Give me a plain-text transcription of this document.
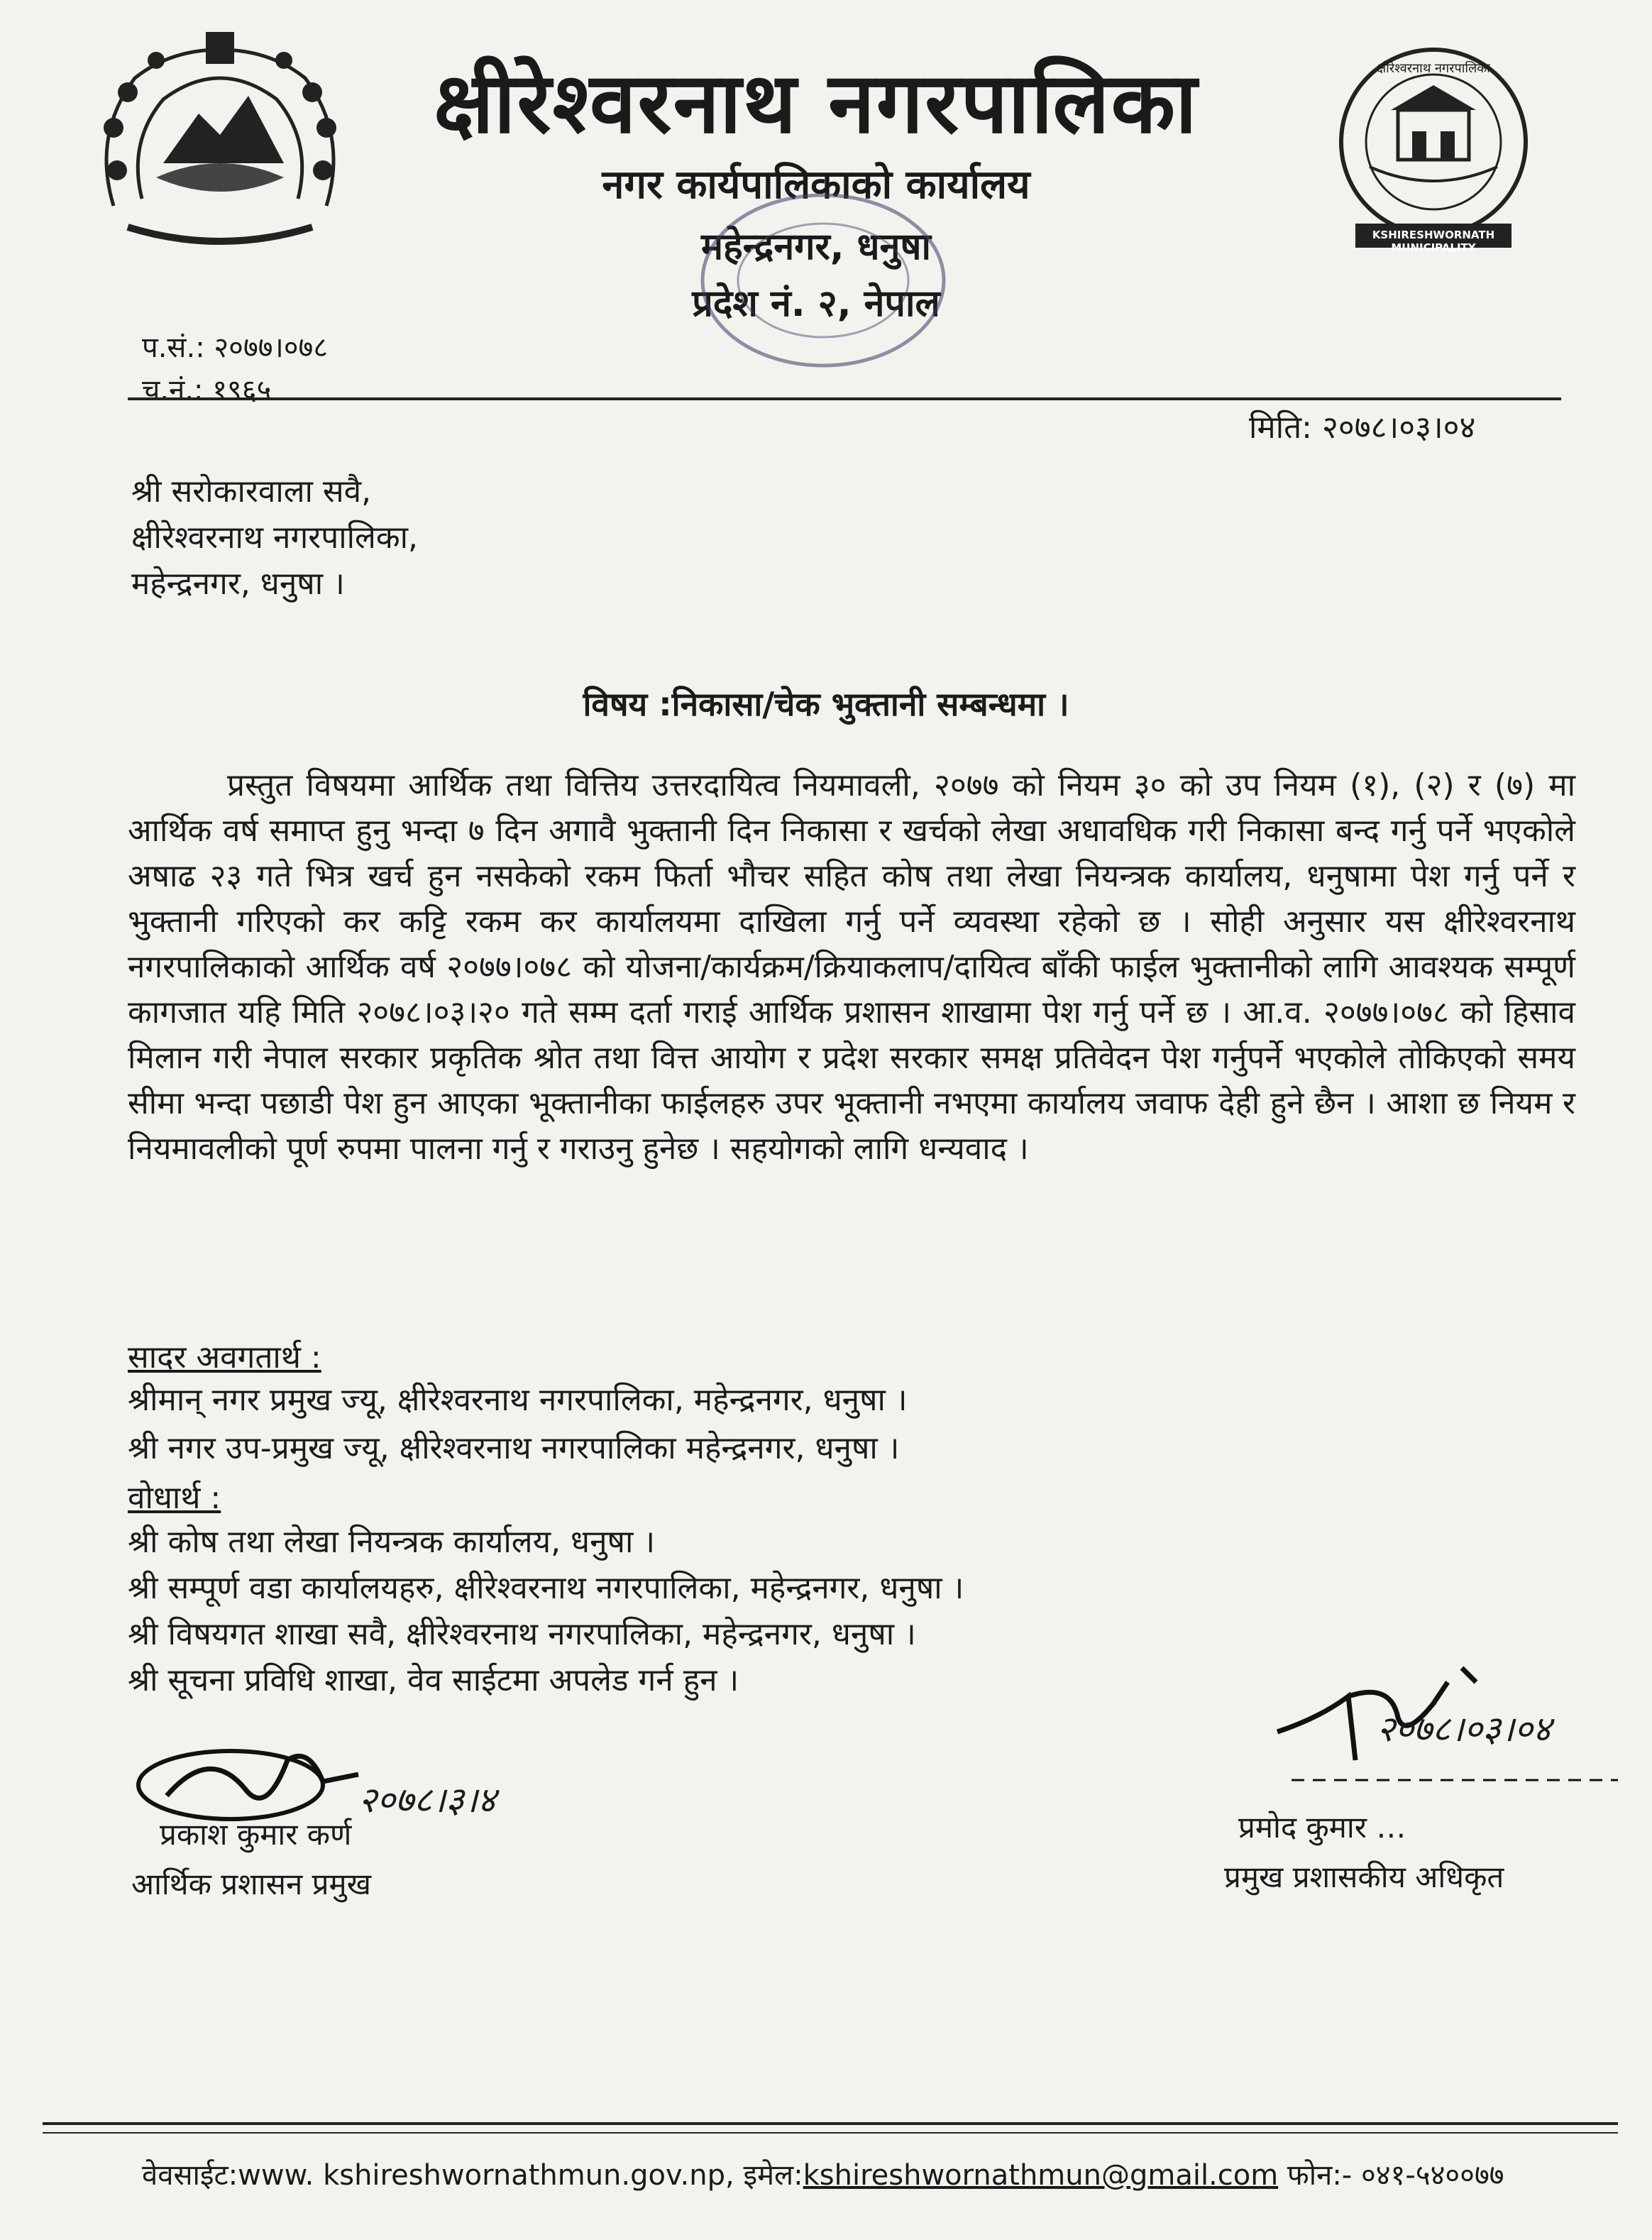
क्षीरेश्वरनाथ नगरपालिका
नगर कार्यपालिकाको कार्यालय
महेन्द्रनगर, धनुषा
प्रदेश नं. २, नेपाल
क्षीरेश्वरनाथ नगरपालिका
KSHIRESHWORNATH MUNICIPALITY
प.सं.: २०७७।०७८
च.नं.: १९६५
मिति: २०७८।०३।०४
श्री सरोकारवाला सवै,
क्षीरेश्वरनाथ नगरपालिका,
महेन्द्रनगर, धनुषा ।
विषय :निकासा/चेक भुक्तानी सम्बन्धमा ।
प्रस्तुत विषयमा आर्थिक तथा वित्तिय उत्तरदायित्व नियमावली, २०७७ को नियम ३० को उप नियम (१), (२) र (७) मा आर्थिक वर्ष समाप्त हुनु भन्दा ७ दिन अगावै भुक्तानी दिन निकासा र खर्चको लेखा अधावधिक गरी निकासा बन्द गर्नु पर्ने भएकोले अषाढ २३ गते भित्र खर्च हुन नसकेको रकम फिर्ता भौचर सहित कोष तथा लेखा नियन्त्रक कार्यालय, धनुषामा पेश गर्नु पर्ने र भुक्तानी गरिएको कर कट्टि रकम कर कार्यालयमा दाखिला गर्नु पर्ने व्यवस्था रहेको छ । सोही अनुसार यस क्षीरेश्वरनाथ नगरपालिकाको आर्थिक वर्ष २०७७।०७८ को योजना/कार्यक्रम/क्रियाकलाप/दायित्व बाँकी फाईल भुक्तानीको लागि आवश्यक सम्पूर्ण कागजात यहि मिति २०७८।०३।२० गते सम्म दर्ता गराई आर्थिक प्रशासन शाखामा पेश गर्नु पर्ने छ । आ.व. २०७७।०७८ को हिसाव मिलान गरी नेपाल सरकार प्रकृतिक श्रोत तथा वित्त आयोग र प्रदेश सरकार समक्ष प्रतिवेदन पेश गर्नुपर्ने भएकोले तोकिएको समय सीमा भन्दा पछाडी पेश हुन आएका भूक्तानीका फाईलहरु उपर भूक्तानी नभएमा कार्यालय जवाफ देही हुने छैन । आशा छ नियम र नियमावलीको पूर्ण रुपमा पालना गर्नु र गराउनु हुनेछ । सहयोगको लागि धन्यवाद ।
सादर अवगतार्थ :
श्रीमान् नगर प्रमुख ज्यू, क्षीरेश्वरनाथ नगरपालिका, महेन्द्रनगर, धनुषा ।
श्री नगर उप-प्रमुख ज्यू, क्षीरेश्वरनाथ नगरपालिका महेन्द्रनगर, धनुषा ।
वोधार्थ :
श्री कोष तथा लेखा नियन्त्रक कार्यालय, धनुषा ।
श्री सम्पूर्ण वडा कार्यालयहरु, क्षीरेश्वरनाथ नगरपालिका, महेन्द्रनगर, धनुषा ।
श्री विषयगत शाखा सवै, क्षीरेश्वरनाथ नगरपालिका, महेन्द्रनगर, धनुषा ।
श्री सूचना प्रविधि शाखा, वेव साईटमा अपलेड गर्न हुन ।
२०७८।३।४
प्रकाश कुमार कर्ण
आर्थिक प्रशासन प्रमुख
२०७८।०३।०४
प्रमोद कुमार …
प्रमुख प्रशासकीय अधिकृत
वेवसाईट:www. kshireshwornathmun.gov.np, इमेल:kshireshwornathmun@gmail.com फोन:- ०४१-५४००७७
